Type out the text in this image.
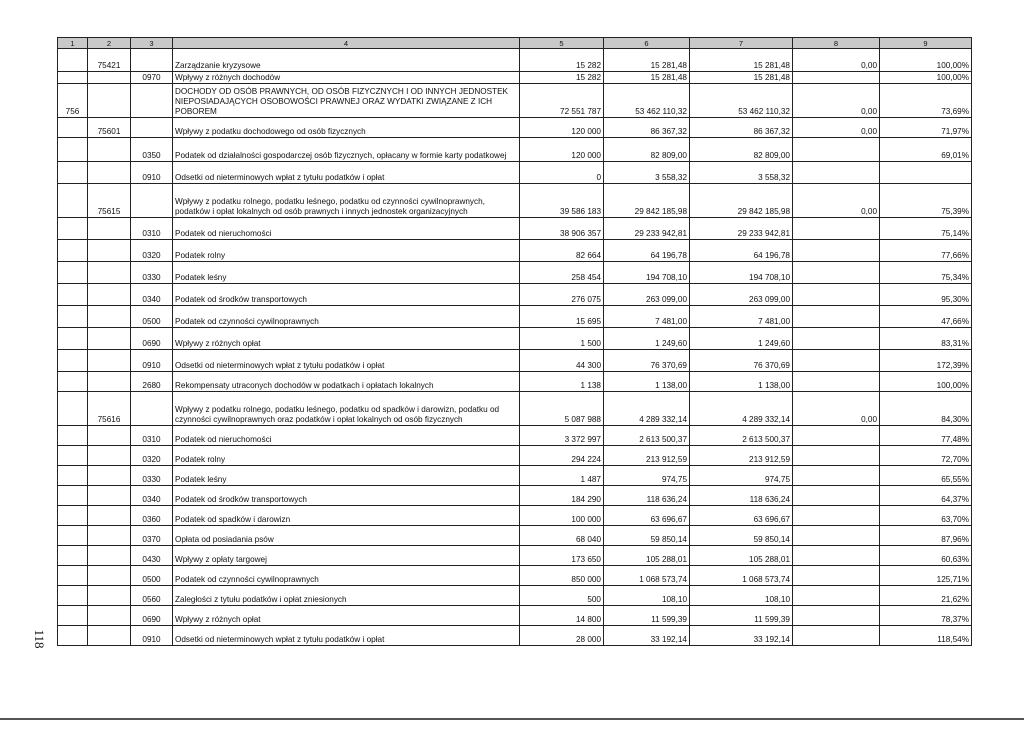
1	2	3	4	5	6	7	8	9
	75421		Zarządzanie kryzysowe	15 282	15 281,48	15 281,48	0,00	100,00%
		0970	Wpływy z różnych dochodów	15 282	15 281,48	15 281,48		100,00%
756			DOCHODY OD OSÓB PRAWNYCH, OD OSÓB FIZYCZNYCH I OD INNYCH JEDNOSTEK NIEPOSIADAJĄCYCH OSOBOWOŚCI PRAWNEJ ORAZ WYDATKI ZWIĄZANE Z ICH POBOREM	72 551 787	53 462 110,32	53 462 110,32	0,00	73,69%
	75601		Wpływy z podatku dochodowego od osób fizycznych	120 000	86 367,32	86 367,32	0,00	71,97%
		0350	Podatek od działalności gospodarczej osób fizycznych, opłacany w formie karty podatkowej	120 000	82 809,00	82 809,00		69,01%
		0910	Odsetki od nieterminowych wpłat z tytułu podatków i opłat	0	3 558,32	3 558,32		
	75615		Wpływy z podatku rolnego, podatku leśnego, podatku od czynności cywilnoprawnych, podatków i opłat lokalnych od osób prawnych i innych jednostek organizacyjnych	39 586 183	29 842 185,98	29 842 185,98	0,00	75,39%
		0310	Podatek od nieruchomości	38 906 357	29 233 942,81	29 233 942,81		75,14%
		0320	Podatek rolny	82 664	64 196,78	64 196,78		77,66%
		0330	Podatek leśny	258 454	194 708,10	194 708,10		75,34%
		0340	Podatek od środków transportowych	276 075	263 099,00	263 099,00		95,30%
		0500	Podatek od czynności cywilnoprawnych	15 695	7 481,00	7 481,00		47,66%
		0690	Wpływy z różnych opłat	1 500	1 249,60	1 249,60		83,31%
		0910	Odsetki od nieterminowych wpłat z tytułu podatków i opłat	44 300	76 370,69	76 370,69		172,39%
		2680	Rekompensaty utraconych dochodów w podatkach i opłatach lokalnych	1 138	1 138,00	1 138,00		100,00%
	75616		Wpływy z podatku rolnego, podatku leśnego, podatku od spadków i darowizn, podatku od czynności cywilnoprawnych oraz podatków i opłat lokalnych od osób fizycznych	5 087 988	4 289 332,14	4 289 332,14	0,00	84,30%
		0310	Podatek od nieruchomości	3 372 997	2 613 500,37	2 613 500,37		77,48%
		0320	Podatek rolny	294 224	213 912,59	213 912,59		72,70%
		0330	Podatek leśny	1 487	974,75	974,75		65,55%
		0340	Podatek od środków transportowych	184 290	118 636,24	118 636,24		64,37%
		0360	Podatek od spadków i darowizn	100 000	63 696,67	63 696,67		63,70%
		0370	Opłata od posiadania psów	68 040	59 850,14	59 850,14		87,96%
		0430	Wpływy z opłaty targowej	173 650	105 288,01	105 288,01		60,63%
		0500	Podatek od czynności cywilnoprawnych	850 000	1 068 573,74	1 068 573,74		125,71%
		0560	Zaległości z tytułu podatków i opłat zniesionych	500	108,10	108,10		21,62%
		0690	Wpływy z różnych opłat	14 800	11 599,39	11 599,39		78,37%
		0910	Odsetki od nieterminowych wpłat z tytułu podatków i opłat	28 000	33 192,14	33 192,14		118,54%
118
